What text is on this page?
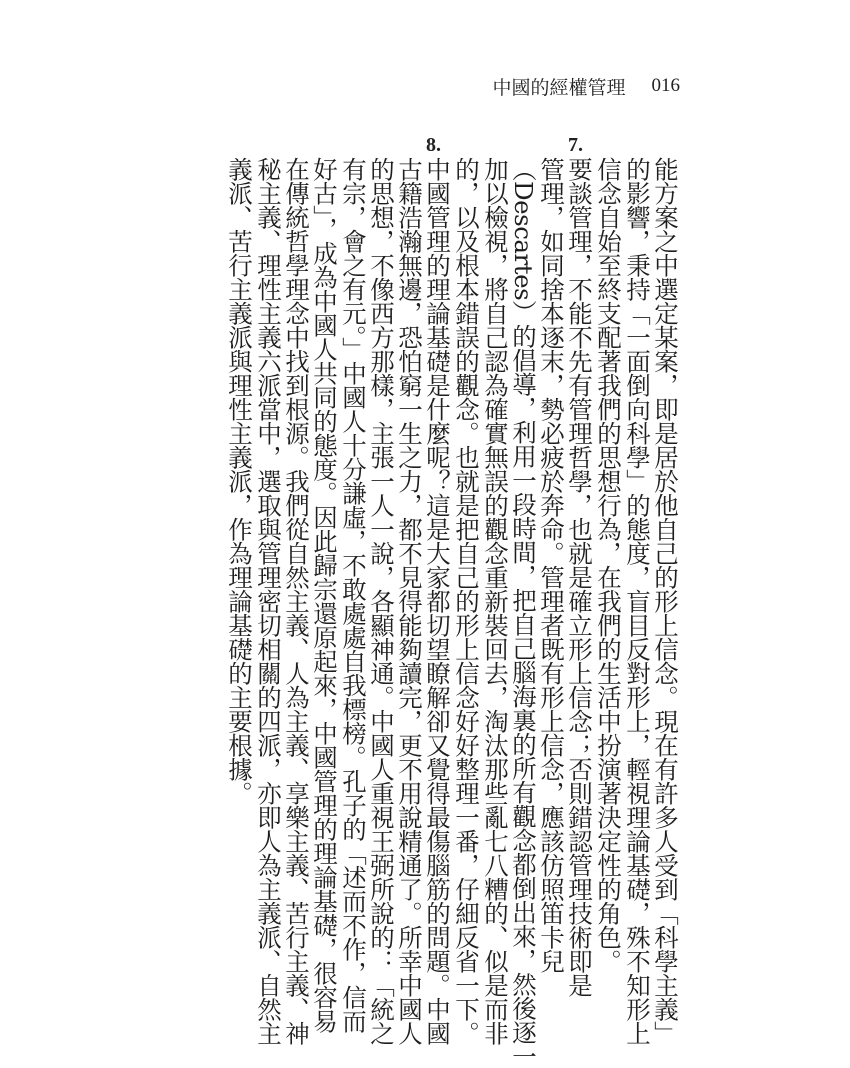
中國的經權管理 016
能方案之中選定某案，即是居於他自己的形上信念。現在有許多人受到「科學主義」
的影響，秉持「一面倒向科學」的態度，盲目反對形上，輕視理論基礎，殊不知形上
信念自始至終支配著我們的思想行為，在我們的生活中扮演著決定性的角色。
7.
要談管理，不能不先有管理哲學，也就是確立形上信念；否則錯認管理技術即是
管理，如同捨本逐末，勢必疲於奔命。管理者既有形上信念，應該仿照笛卡兒
（Descartes）的倡導，利用一段時間，把自己腦海裏的所有觀念都倒出來，然後逐一
加以檢視，將自己認為確實無誤的觀念重新裝回去，淘汰那些亂七八糟的、似是而非
的，以及根本錯誤的觀念。也就是把自己的形上信念好好整理一番，仔細反省一下。
8.
中國管理的理論基礎是什麼呢？這是大家都切望瞭解卻又覺得最傷腦筋的問題。中國
古籍浩瀚無邊，恐怕窮一生之力，都不見得能夠讀完，更不用說精通了。所幸中國人
的思想，不像西方那樣，主張一人一說，各顯神通。中國人重視王弼所說的：「統之
有宗，會之有元。」中國人十分謙虛，不敢處處自我標榜。孔子的「述而不作，信而
好古」，成為中國人共同的態度。因此歸宗還原起來，中國管理的理論基礎，很容易
在傳統哲學理念中找到根源。我們從自然主義、人為主義、享樂主義、苦行主義、神
秘主義、理性主義六派當中，選取與管理密切相關的四派，亦即人為主義派、自然主
義派、苦行主義派與理性主義派，作為理論基礎的主要根據。
